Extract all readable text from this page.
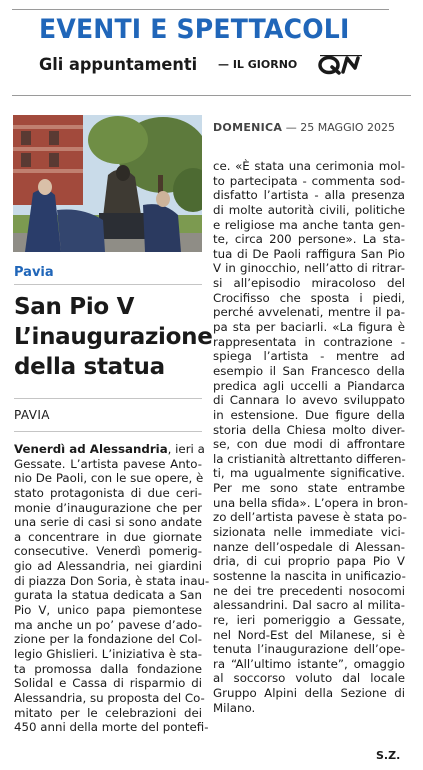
EVENTI E SPETTACOLI
Gli appuntamenti — IL GIORNO
Pavia
San Pio V
L’inaugurazione
della statua
PAVIA
DOMENICA — 25 MAGGIO 2025
Venerdì ad Alessandria, ieri a
Gessate. L’artista pavese Anto-
nio De Paoli, con le sue opere, è
stato protagonista di due ceri-
monie d’inaugurazione che per
una serie di casi si sono andate
a concentrare in due giornate
consecutive. Venerdì pomerig-
gio ad Alessandria, nei giardini
di piazza Don Soria, è stata inau-
gurata la statua dedicata a San
Pio V, unico papa piemontese
ma anche un po’ pavese d’ado-
zione per la fondazione del Col-
legio Ghislieri. L’iniziativa è sta-
ta promossa dalla fondazione
Solidal e Cassa di risparmio di
Alessandria, su proposta del Co-
mitato per le celebrazioni dei
450 anni della morte del pontefi-
ce. «È stata una cerimonia mol-
to partecipata - commenta sod-
disfatto l’artista - alla presenza
di molte autorità civili, politiche
e religiose ma anche tanta gen-
te, circa 200 persone». La sta-
tua di De Paoli raffigura San Pio
V in ginocchio, nell’atto di ritrar-
si all’episodio miracoloso del
Crocifisso che sposta i piedi,
perché avvelenati, mentre il pa-
pa sta per baciarli. «La figura è
rappresentata in contrazione -
spiega l’artista - mentre ad
esempio il San Francesco della
predica agli uccelli a Piandarca
di Cannara lo avevo sviluppato
in estensione. Due figure della
storia della Chiesa molto diver-
se, con due modi di affrontare
la cristianità altrettanto differen-
ti, ma ugualmente significative.
Per me sono state entrambe
una bella sfida». L’opera in bron-
zo dell’artista pavese è stata po-
sizionata nelle immediate vici-
nanze dell’ospedale di Alessan-
dria, di cui proprio papa Pio V
sostenne la nascita in unificazio-
ne dei tre precedenti nosocomi
alessandrini. Dal sacro al milita-
re, ieri pomeriggio a Gessate,
nel Nord-Est del Milanese, si è
tenuta l’inaugurazione dell’ope-
ra “All’ultimo istante”, omaggio
al soccorso voluto dal locale
Gruppo Alpini della Sezione di
Milano.
S.Z.
